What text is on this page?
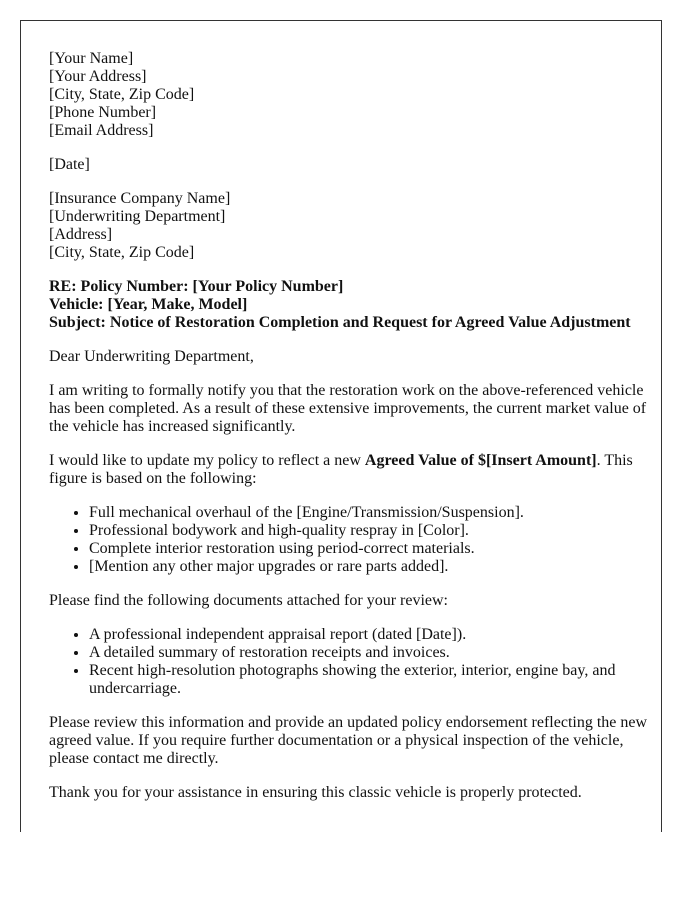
[Your Name]
[Your Address]
[City, State, Zip Code]
[Phone Number]
[Email Address]
[Date]
[Insurance Company Name]
[Underwriting Department]
[Address]
[City, State, Zip Code]
RE: Policy Number: [Your Policy Number]
Vehicle: [Year, Make, Model]
Subject: Notice of Restoration Completion and Request for Agreed Value Adjustment

Dear Underwriting Department,

I am writing to formally notify you that the restoration work on the above-referenced vehicle has been completed. As a result of these extensive improvements, the current market value of the vehicle has increased significantly.

I would like to update my policy to reflect a new Agreed Value of $[Insert Amount]. This figure is based on the following:

• Full mechanical overhaul of the [Engine/Transmission/Suspension].
• Professional bodywork and high-quality respray in [Color].
• Complete interior restoration using period-correct materials.
• [Mention any other major upgrades or rare parts added].

Please find the following documents attached for your review:

• A professional independent appraisal report (dated [Date]).
• A detailed summary of restoration receipts and invoices.
• Recent high-resolution photographs showing the exterior, interior, engine bay, and undercarriage.

Please review this information and provide an updated policy endorsement reflecting the new agreed value. If you require further documentation or a physical inspection of the vehicle, please contact me directly.

Thank you for your assistance in ensuring this classic vehicle is properly protected.
